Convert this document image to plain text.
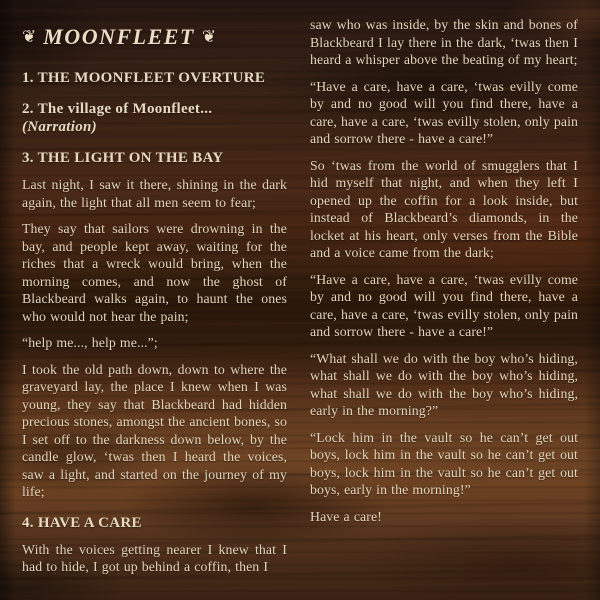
❦ MOONFLEET ❦
1. THE MOONFLEET OVERTURE
2. The village of Moonfleet... (Narration)
3. THE LIGHT ON THE BAY

Last night, I saw it there, shining in the dark again, the light that all men seem to fear;

They say that sailors were drowning in the bay, and people kept away, waiting for the riches that a wreck would bring, when the morning comes, and now the ghost of Blackbeard walks again, to haunt the ones who would not hear the pain;

“help me..., help me...”;

I took the old path down, down to where the graveyard lay, the place I knew when I was young, they say that Blackbeard had hidden precious stones, amongst the ancient bones, so I set off to the darkness down below, by the candle glow, ‘twas then I heard the voices, saw a light, and started on the journey of my life;

4. HAVE A CARE

With the voices getting nearer I knew that I had to hide, I got up behind a coffin, then I

saw who was inside, by the skin and bones of Blackbeard I lay there in the dark, ‘twas then I heard a whisper above the beating of my heart;

“Have a care, have a care, ‘twas evilly come by and no good will you find there, have a care, have a care, ‘twas evilly stolen, only pain and sorrow there - have a care!”

So ‘twas from the world of smugglers that I hid myself that night, and when they left I opened up the coffin for a look inside, but instead of Blackbeard’s diamonds, in the locket at his heart, only verses from the Bible and a voice came from the dark;

“Have a care, have a care, ‘twas evilly come by and no good will you find there, have a care, have a care, ‘twas evilly stolen, only pain and sorrow there - have a care!”

“What shall we do with the boy who’s hiding, what shall we do with the boy who’s hiding, what shall we do with the boy who’s hiding, early in the morning?”

“Lock him in the vault so he can’t get out boys, lock him in the vault so he can’t get out boys, lock him in the vault so he can’t get out boys, early in the morning!”

Have a care!
